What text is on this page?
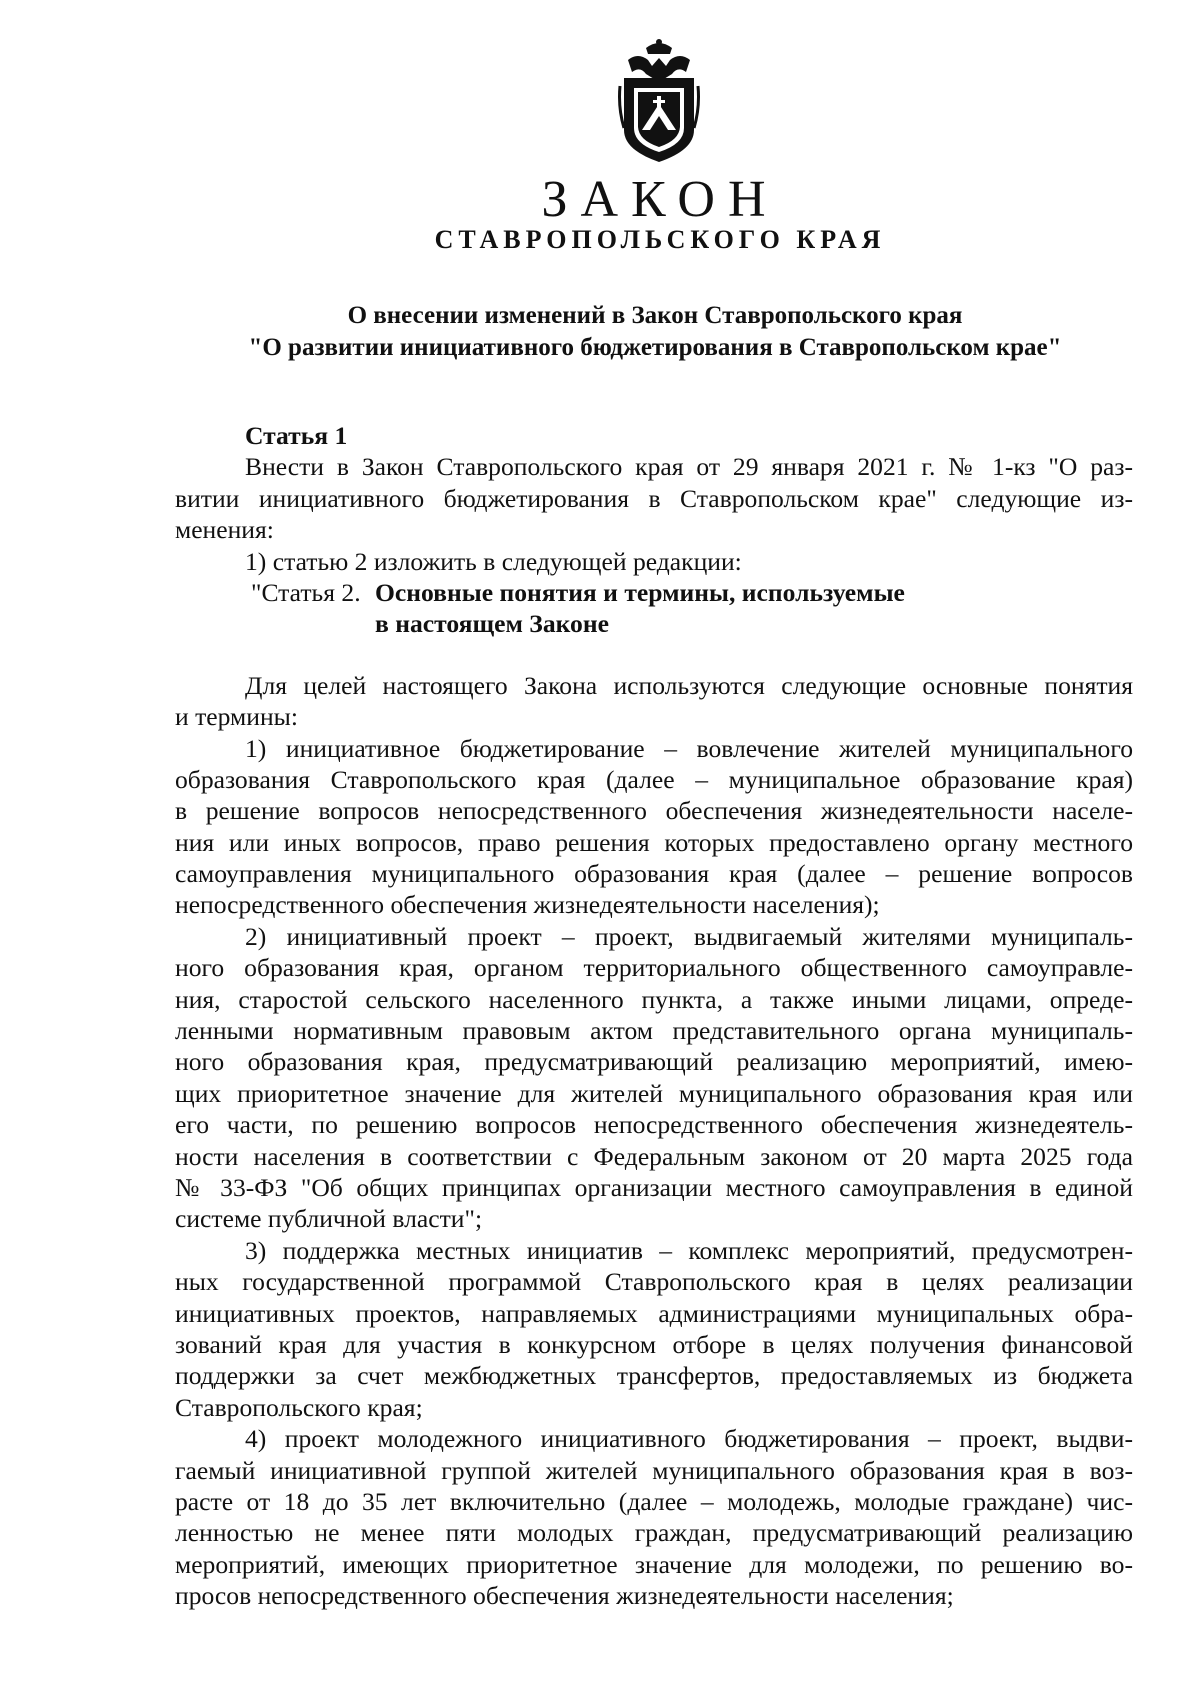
ЗАКОН
СТАВРОПОЛЬСКОГО КРАЯ
О внесении изменений в Закон Ставропольского края
"О развитии инициативного бюджетирования в Ставропольском крае"
Статья 1
Внести в Закон Ставропольского края от 29 января 2021 г. № 1-кз "О раз-
витии инициативного бюджетирования в Ставропольском крае" следующие из-
менения:
1) статью 2 изложить в следующей редакции:
"Статья 2. Основные понятия и термины, используемые
в настоящем Законе
Для целей настоящего Закона используются следующие основные понятия
и термины:
1) инициативное бюджетирование – вовлечение жителей муниципального
образования Ставропольского края (далее – муниципальное образование края)
в решение вопросов непосредственного обеспечения жизнедеятельности населе-
ния или иных вопросов, право решения которых предоставлено органу местного
самоуправления муниципального образования края (далее – решение вопросов
непосредственного обеспечения жизнедеятельности населения);
2) инициативный проект – проект, выдвигаемый жителями муниципаль-
ного образования края, органом территориального общественного самоуправле-
ния, старостой сельского населенного пункта, а также иными лицами, опреде-
ленными нормативным правовым актом представительного органа муниципаль-
ного образования края, предусматривающий реализацию мероприятий, имею-
щих приоритетное значение для жителей муниципального образования края или
его части, по решению вопросов непосредственного обеспечения жизнедеятель-
ности населения в соответствии с Федеральным законом от 20 марта 2025 года
№ 33-ФЗ "Об общих принципах организации местного самоуправления в единой
системе публичной власти";
3) поддержка местных инициатив – комплекс мероприятий, предусмотрен-
ных государственной программой Ставропольского края в целях реализации
инициативных проектов, направляемых администрациями муниципальных обра-
зований края для участия в конкурсном отборе в целях получения финансовой
поддержки за счет межбюджетных трансфертов, предоставляемых из бюджета
Ставропольского края;
4) проект молодежного инициативного бюджетирования – проект, выдви-
гаемый инициативной группой жителей муниципального образования края в воз-
расте от 18 до 35 лет включительно (далее – молодежь, молодые граждане) чис-
ленностью не менее пяти молодых граждан, предусматривающий реализацию
мероприятий, имеющих приоритетное значение для молодежи, по решению во-
просов непосредственного обеспечения жизнедеятельности населения;
